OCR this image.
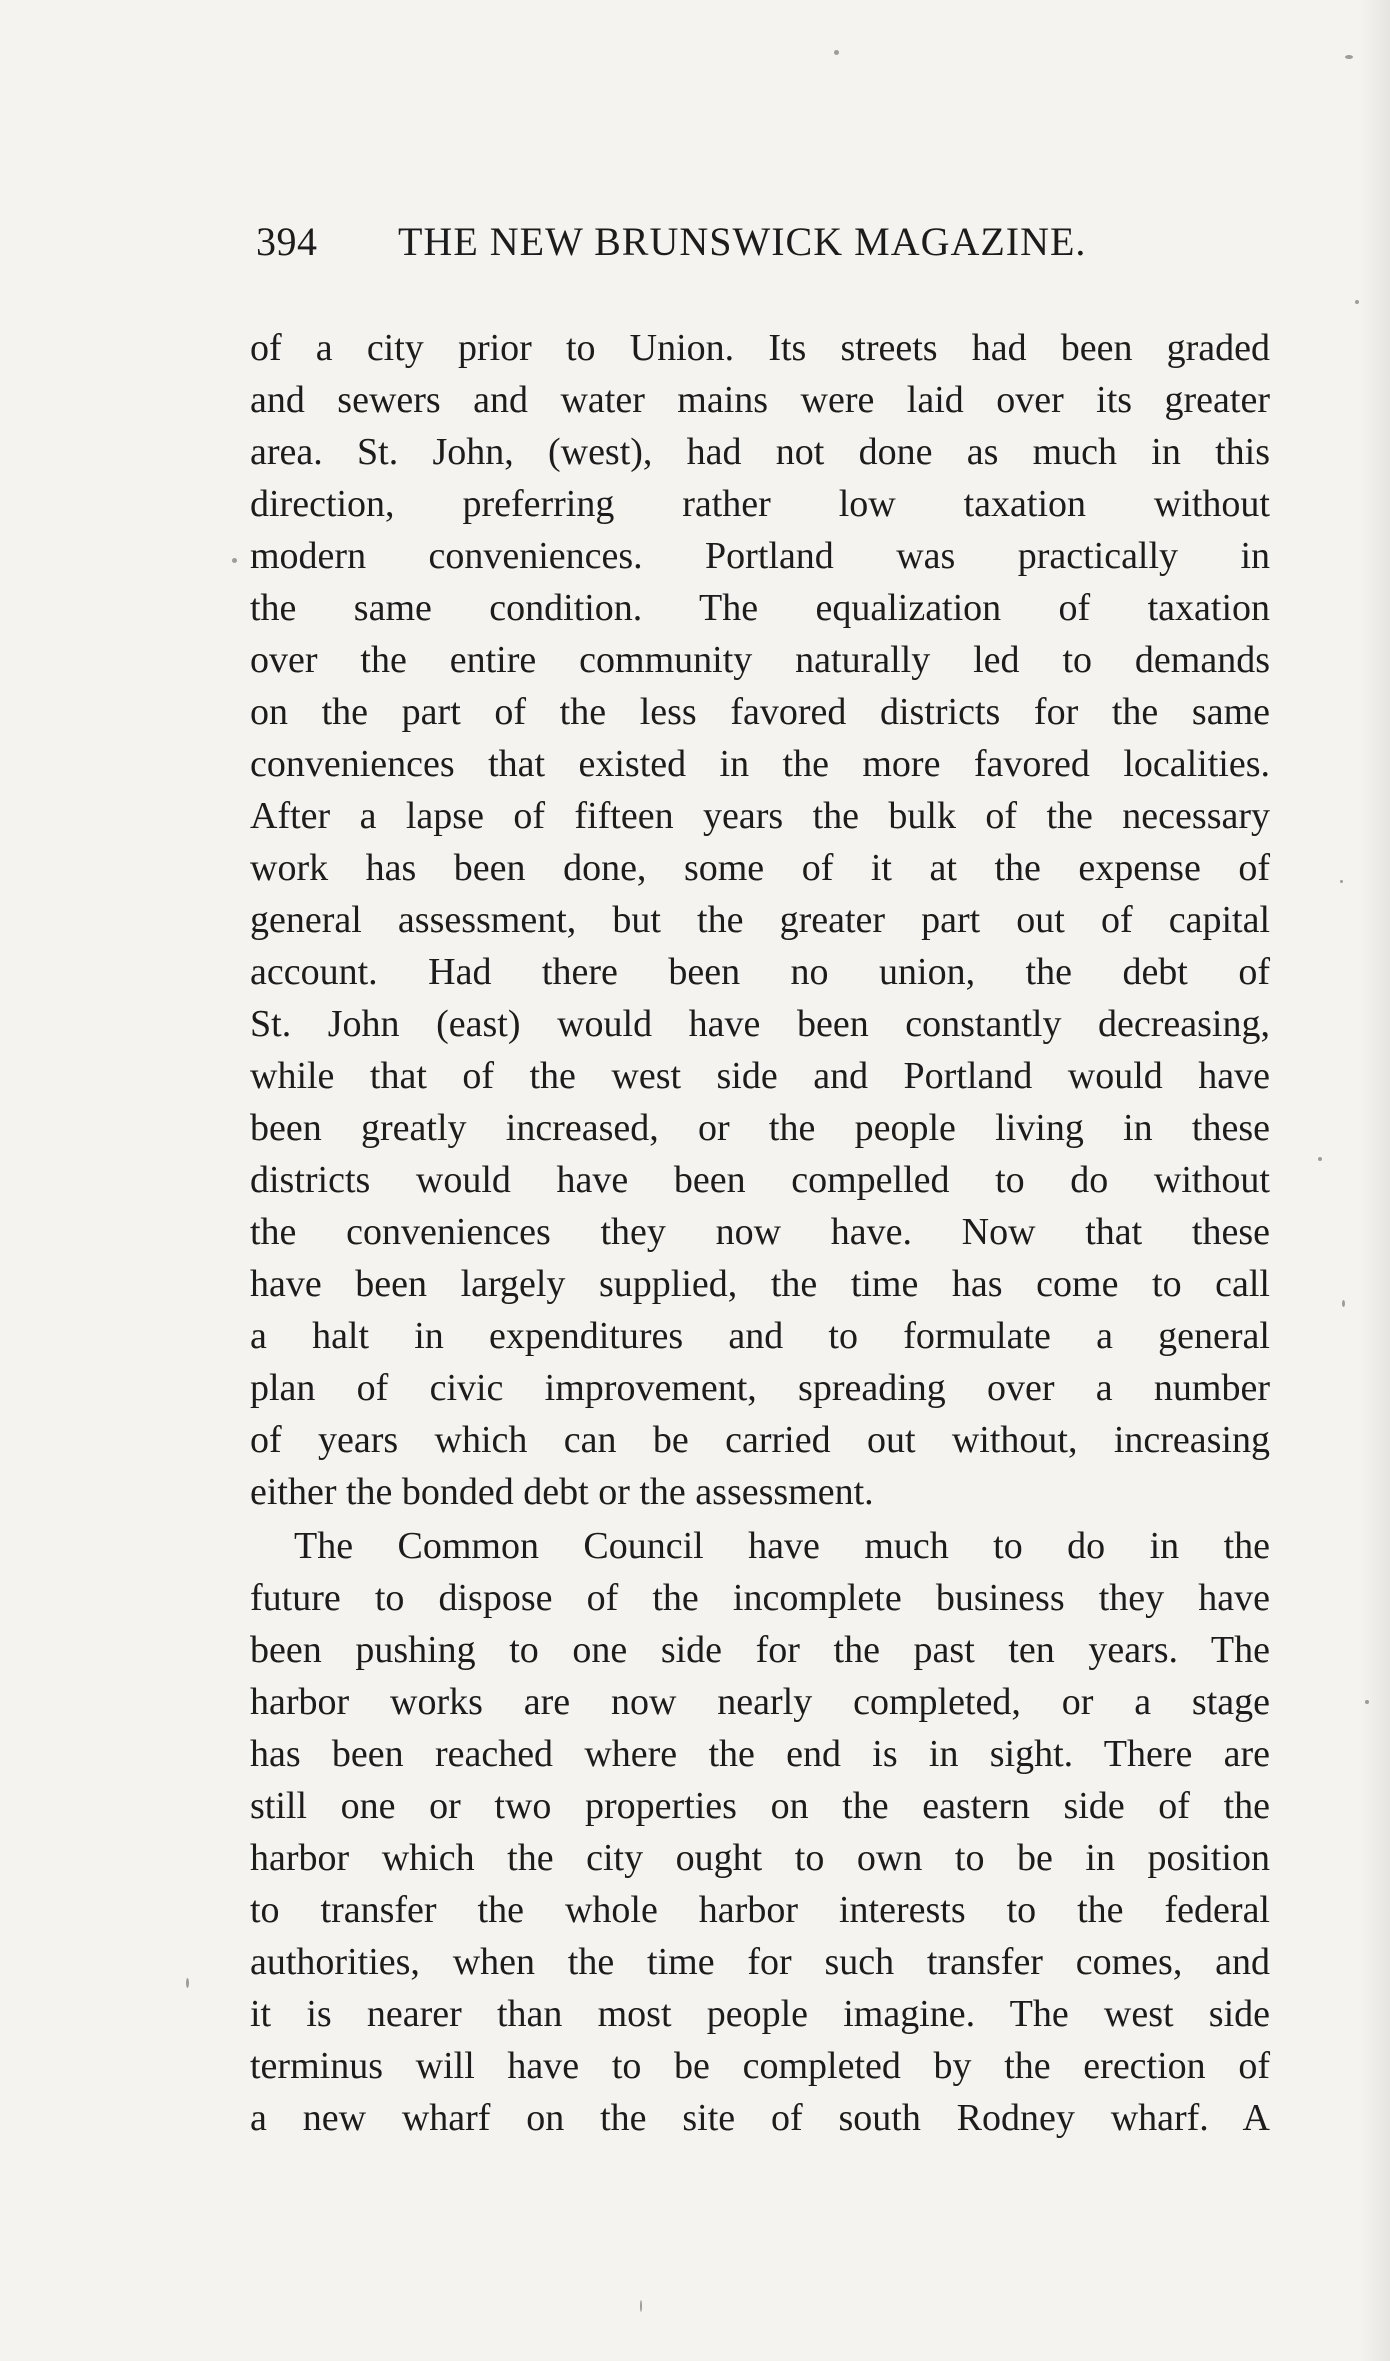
394 THE NEW BRUNSWICK MAGAZINE.
of a city prior to Union. Its streets had been graded
and sewers and water mains were laid over its greater
area. St. John, (west), had not done as much in this
direction, preferring rather low taxation without
modern conveniences. Portland was practically in
the same condition. The equalization of taxation
over the entire community naturally led to demands
on the part of the less favored districts for the same
conveniences that existed in the more favored localities.
After a lapse of fifteen years the bulk of the necessary
work has been done, some of it at the expense of
general assessment, but the greater part out of capital
account. Had there been no union, the debt of
St. John (east) would have been constantly decreasing,
while that of the west side and Portland would have
been greatly increased, or the people living in these
districts would have been compelled to do without
the conveniences they now have. Now that these
have been largely supplied, the time has come to call
a halt in expenditures and to formulate a general
plan of civic improvement, spreading over a number
of years which can be carried out without, increasing
either the bonded debt or the assessment.
The Common Council have much to do in the
future to dispose of the incomplete business they have
been pushing to one side for the past ten years. The
harbor works are now nearly completed, or a stage
has been reached where the end is in sight. There are
still one or two properties on the eastern side of the
harbor which the city ought to own to be in position
to transfer the whole harbor interests to the federal
authorities, when the time for such transfer comes, and
it is nearer than most people imagine. The west side
terminus will have to be completed by the erection of
a new wharf on the site of south Rodney wharf. A
